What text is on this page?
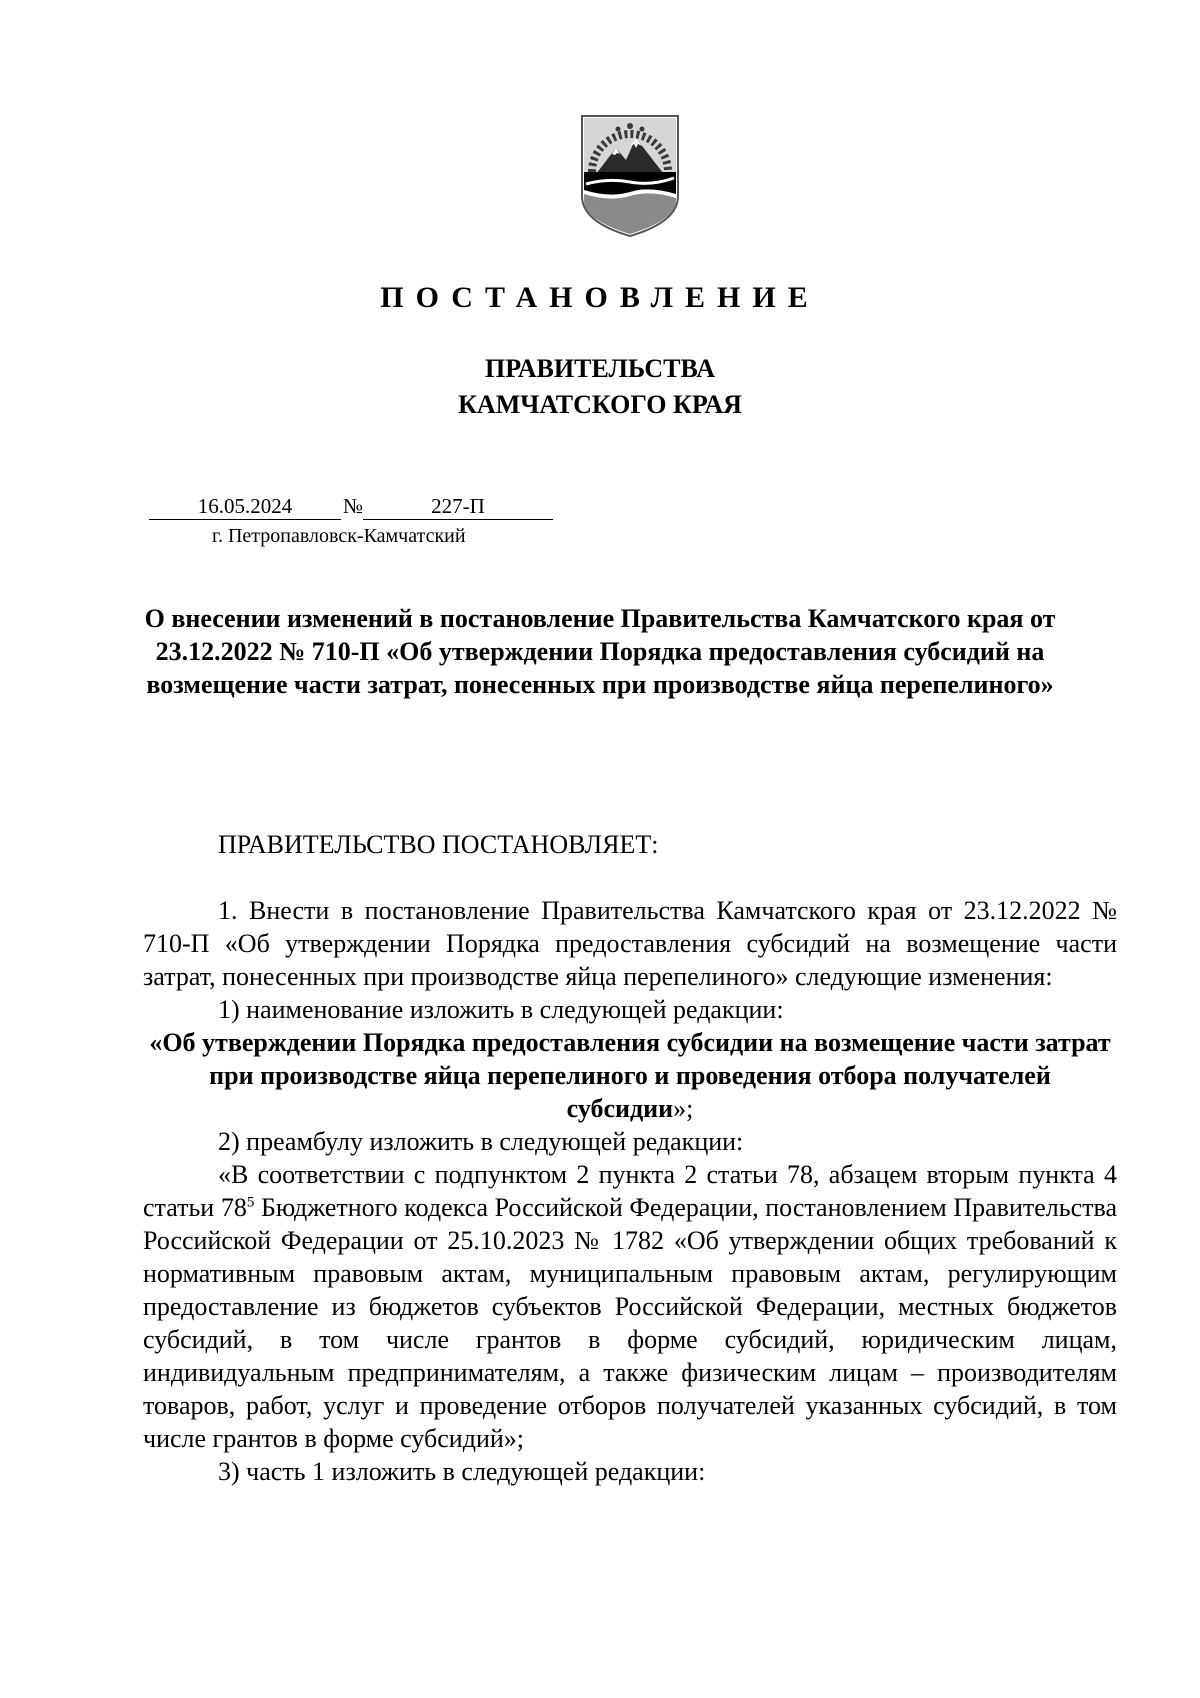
ПОСТАНОВЛЕНИЕ
ПРАВИТЕЛЬСТВА
КАМЧАТСКОГО КРАЯ
16.05.2024	№	227-П
г. Петропавловск-Камчатский
О внесении изменений в постановление Правительства Камчатского края от 23.12.2022 № 710-П «Об утверждении Порядка предоставления субсидий на возмещение части затрат, понесенных при производстве яйца перепелиного»
ПРАВИТЕЛЬСТВО ПОСТАНОВЛЯЕТ:

1. Внести в постановление Правительства Камчатского края от 23.12.2022 № 710-П «Об утверждении Порядка предоставления субсидий на возмещение части затрат, понесенных при производстве яйца перепелиного» следующие изменения:

1) наименование изложить в следующей редакции:

«Об утверждении Порядка предоставления субсидии на возмещение части затрат при производстве яйца перепелиного и проведения отбора получателей субсидии»;

2) преамбулу изложить в следующей редакции:

«В соответствии с подпунктом 2 пункта 2 статьи 78, абзацем вторым пункта 4 статьи $78^5$ Бюджетного кодекса Российской Федерации, постановлением Правительства Российской Федерации от 25.10.2023 № 1782 «Об утверждении общих требований к нормативным правовым актам, муниципальным правовым актам, регулирующим предоставление из бюджетов субъектов Российской Федерации, местных бюджетов субсидий, в том числе грантов в форме субсидий, юридическим лицам, индивидуальным предпринимателям, а также физическим лицам – производителям товаров, работ, услуг и проведение отборов получателей указанных субсидий, в том числе грантов в форме субсидий»;

3) часть 1 изложить в следующей редакции:
